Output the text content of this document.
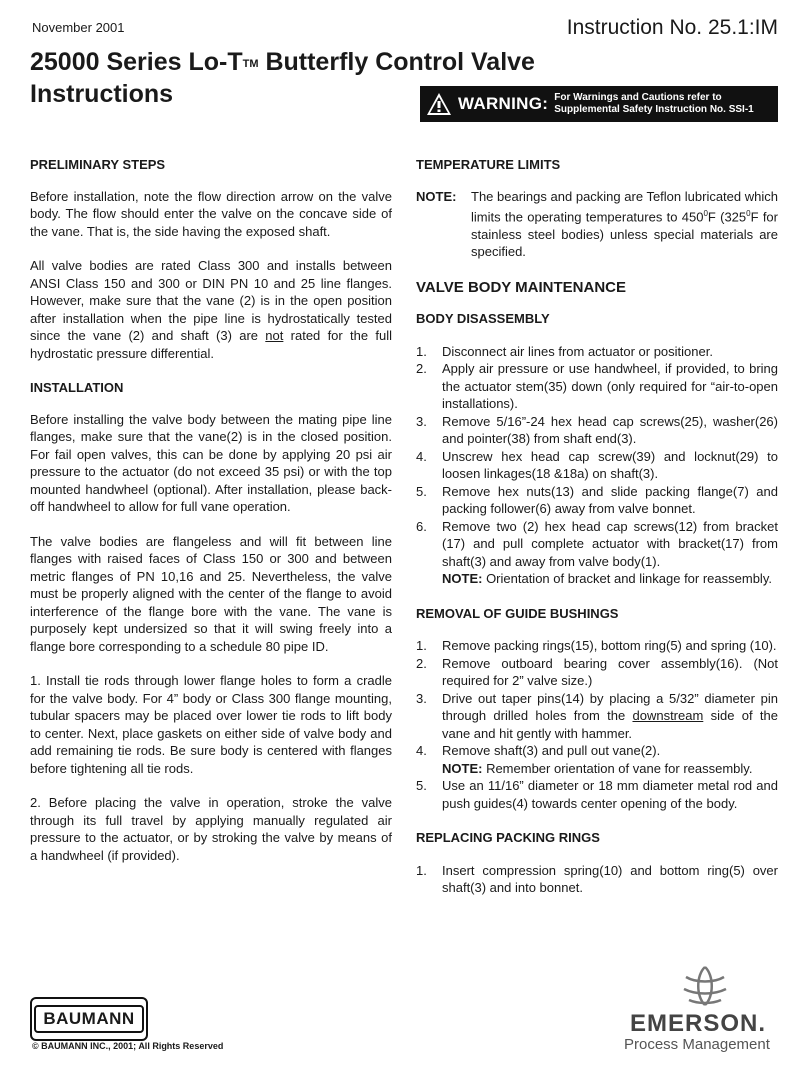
November 2001	Instruction No. 25.1:IM
25000 Series Lo-T™ Butterfly Control Valve
Instructions	WARNING: For Warnings and Cautions refer to
Supplemental Safety Instruction No. SSI-1
PRELIMINARY STEPS

Before installation, note the flow direction arrow on the valve body. The flow should enter the valve on the concave side of the vane. That is, the side having the exposed shaft.

All valve bodies are rated Class 300 and installs between ANSI Class 150 and 300 or DIN PN 10 and 25 line flanges. However, make sure that the vane (2) is in the open position after installation when the pipe line is hydrostatically tested since the vane (2) and shaft (3) are not rated for the full hydrostatic pressure differential.

INSTALLATION

Before installing the valve body between the mating pipe line flanges, make sure that the vane(2) is in the closed position. For fail open valves, this can be done by applying 20 psi air pressure to the actuator (do not exceed 35 psi) or with the top mounted handwheel (optional). After installation, please back-off handwheel to allow for full vane operation.

The valve bodies are flangeless and will fit between line flanges with raised faces of Class 150 or 300 and between metric flanges of PN 10,16 and 25. Nevertheless, the valve must be properly aligned with the center of the flange to avoid interference of the flange bore with the vane. The vane is purposely kept undersized so that it will swing freely into a flange bore corresponding to a schedule 80 pipe ID.

1. Install tie rods through lower flange holes to form a cradle for the valve body. For 4” body or Class 300 flange mounting, tubular spacers may be placed over lower tie rods to lift body to center. Next, place gaskets on either side of valve body and add remaining tie rods. Be sure body is centered with flanges before tightening all tie rods.

2. Before placing the valve in operation, stroke the valve through its full travel by applying manually regulated air pressure to the actuator, or by stroking the valve by means of a handwheel (if provided).

TEMPERATURE LIMITS
NOTE:	The bearings and packing are Teflon lubricated which limits the operating temperatures to $450^0F$ ($325^0F$ for stainless steel bodies) unless special materials are specified.
VALVE BODY MAINTENANCE
BODY DISASSEMBLY
1. Disconnect air lines from actuator or positioner.
2. Apply air pressure or use handwheel, if provided, to bring the actuator stem(35) down (only required for “air-to-open installations).
3. Remove 5/16”-24 hex head cap screws(25), washer(26) and pointer(38) from shaft end(3).
4. Unscrew hex head cap screw(39) and locknut(29) to loosen linkages(18 &18a) on shaft(3).
5. Remove hex nuts(13) and slide packing flange(7) and packing follower(6) away from valve bonnet.
6. Remove two (2) hex head cap screws(12) from bracket (17) and pull complete actuator with bracket(17) from shaft(3) and away from valve body(1).
NOTE: Orientation of bracket and linkage for reassembly.
REMOVAL OF GUIDE BUSHINGS
1. Remove packing rings(15), bottom ring(5) and spring (10).
2. Remove outboard bearing cover assembly(16). (Not required for 2” valve size.)
3. Drive out taper pins(14) by placing a 5/32” diameter pin through drilled holes from the downstream side of the vane and hit gently with hammer.
4. Remove shaft(3) and pull out vane(2).
NOTE: Remember orientation of vane for reassembly.
5. Use an 11/16” diameter or 18 mm diameter metal rod and push guides(4) towards center opening of the body.
REPLACING PACKING RINGS
1. Insert compression spring(10) and bottom ring(5) over shaft(3) and into bonnet.
BAUMANN
© BAUMANN INC., 2001; All Rights Reserved
EMERSON.
Process Management
